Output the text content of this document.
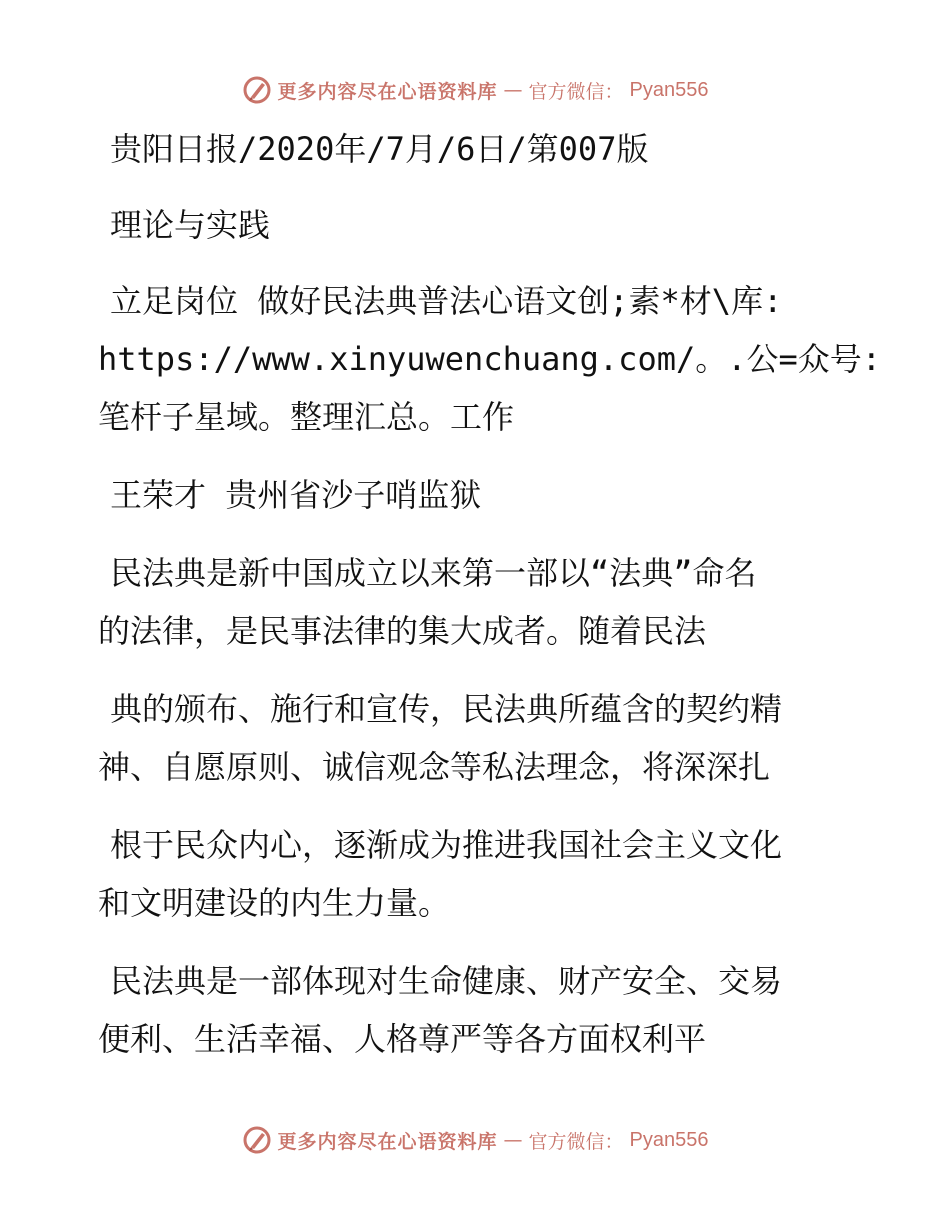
更多内容尽在心语资料库 — 官方微信： Pyan556
贵阳日报/2020年/7月/6日/第007版
理论与实践
立足岗位 做好民法典普法心语文创;素*材\库:
https://www.xinyuwenchuang.com/。.公=众号:
笔杆子星域。整理汇总。工作
王荣才 贵州省沙子哨监狱
民法典是新中国成立以来第一部以“法典”命名
的法律，是民事法律的集大成者。随着民法
典的颁布、施行和宣传，民法典所蕴含的契约精
神、自愿原则、诚信观念等私法理念，将深深扎
根于民众内心，逐渐成为推进我国社会主义文化
和文明建设的内生力量。
民法典是一部体现对生命健康、财产安全、交易
便利、生活幸福、人格尊严等各方面权利平
更多内容尽在心语资料库 — 官方微信： Pyan556
